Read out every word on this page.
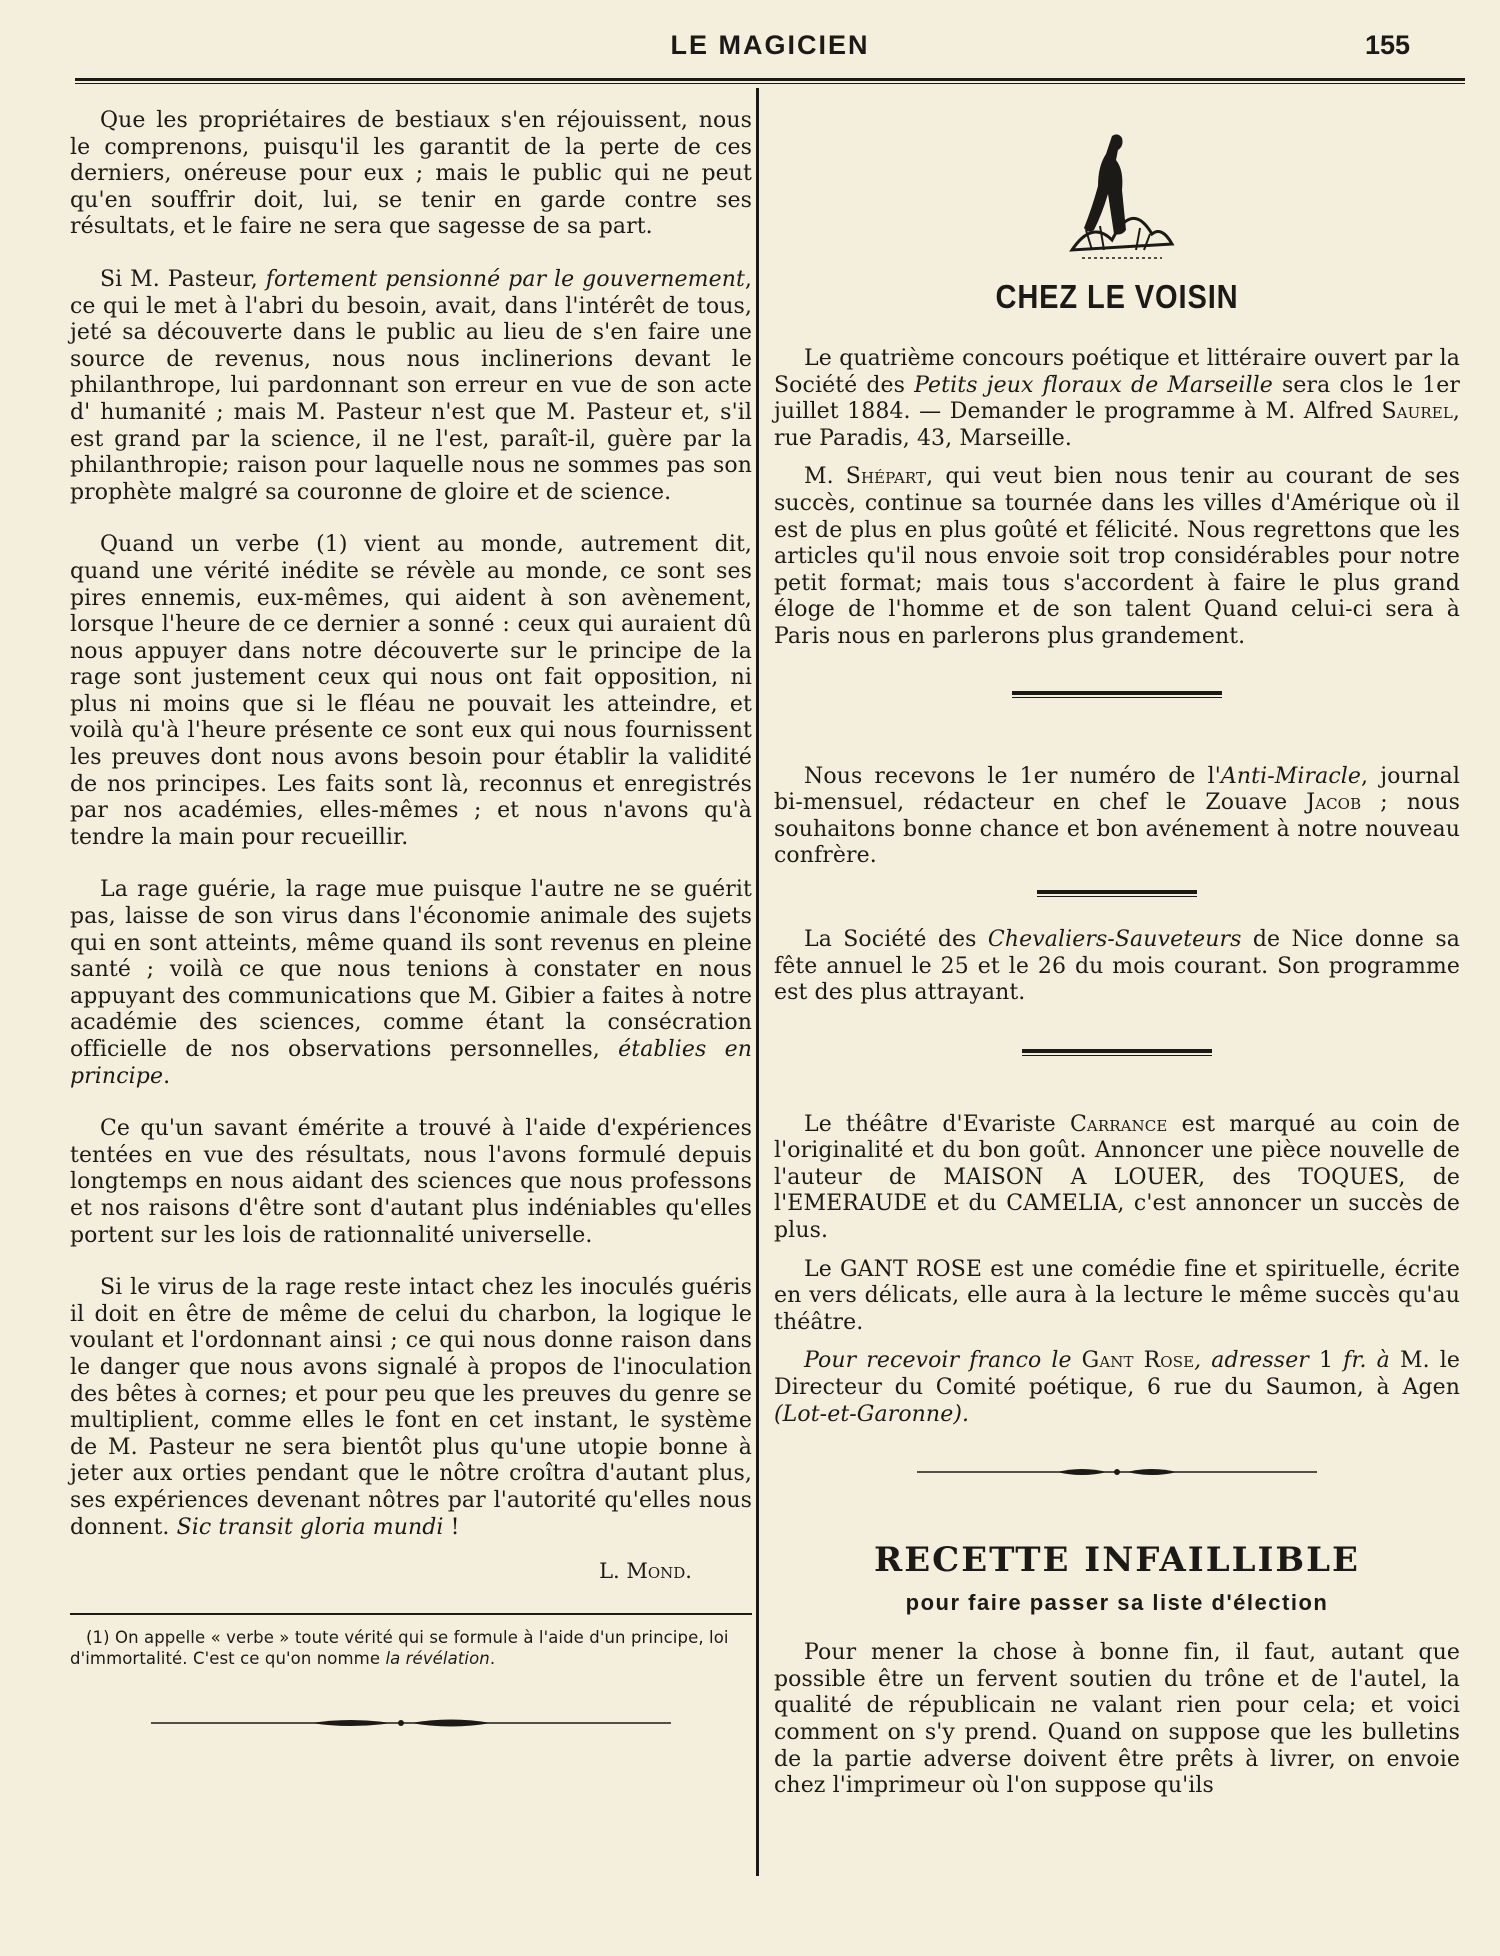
LE MAGICIEN	155

Que les propriétaires de bestiaux s'en réjouissent, nous le comprenons, puisqu'il les garantit de la perte de ces derniers, onéreuse pour eux ; mais le public qui ne peut qu'en souffrir doit, lui, se tenir en garde contre ses résultats, et le faire ne sera que sagesse de sa part.

Si M. Pasteur, fortement pensionné par le gouvernement, ce qui le met à l'abri du besoin, avait, dans l'intérêt de tous, jeté sa découverte dans le public au lieu de s'en faire une source de revenus, nous nous inclinerions devant le philanthrope, lui pardonnant son erreur en vue de son acte d' humanité ; mais M. Pasteur n'est que M. Pasteur et, s'il est grand par la science, il ne l'est, paraît-il, guère par la philanthropie; raison pour laquelle nous ne sommes pas son prophète malgré sa couronne de gloire et de science.

Quand un verbe (1) vient au monde, autrement dit, quand une vérité inédite se révèle au monde, ce sont ses pires ennemis, eux-mêmes, qui aident à son avènement, lorsque l'heure de ce dernier a sonné : ceux qui auraient dû nous appuyer dans notre découverte sur le principe de la rage sont justement ceux qui nous ont fait opposition, ni plus ni moins que si le fléau ne pouvait les atteindre, et voilà qu'à l'heure présente ce sont eux qui nous fournissent les preuves dont nous avons besoin pour établir la validité de nos principes. Les faits sont là, reconnus et enregistrés par nos académies, elles-mêmes ; et nous n'avons qu'à tendre la main pour recueillir.

La rage guérie, la rage mue puisque l'autre ne se guérit pas, laisse de son virus dans l'économie animale des sujets qui en sont atteints, même quand ils sont revenus en pleine santé ; voilà ce que nous tenions à constater en nous appuyant des communications que M. Gibier a faites à notre académie des sciences, comme étant la consécration officielle de nos observations personnelles, établies en principe.

Ce qu'un savant émérite a trouvé à l'aide d'expériences tentées en vue des résultats, nous l'avons formulé depuis longtemps en nous aidant des sciences que nous professons et nos raisons d'être sont d'autant plus indéniables qu'elles portent sur les lois de rationnalité universelle.

Si le virus de la rage reste intact chez les inoculés guéris il doit en être de même de celui du charbon, la logique le voulant et l'ordonnant ainsi ; ce qui nous donne raison dans le danger que nous avons signalé à propos de l'inoculation des bêtes à cornes; et pour peu que les preuves du genre se multiplient, comme elles le font en cet instant, le système de M. Pasteur ne sera bientôt plus qu'une utopie bonne à jeter aux orties pendant que le nôtre croîtra d'autant plus, ses expériences devenant nôtres par l'autorité qu'elles nous donnent. Sic transit gloria mundi !

L. Mond.

(1) On appelle « verbe » toute vérité qui se formule à l'aide d'un principe, loi d'immortalité. C'est ce qu'on nomme la révélation.

CHEZ LE VOISIN

Le quatrième concours poétique et littéraire ouvert par la Société des Petits jeux floraux de Marseille sera clos le 1er juillet 1884. — Demander le programme à M. Alfred Saurel, rue Paradis, 43, Marseille.

M. Shépart, qui veut bien nous tenir au courant de ses succès, continue sa tournée dans les villes d'Amérique où il est de plus en plus goûté et félicité. Nous regrettons que les articles qu'il nous envoie soit trop considérables pour notre petit format; mais tous s'accordent à faire le plus grand éloge de l'homme et de son talent Quand celui-ci sera à Paris nous en parlerons plus grandement.

Nous recevons le 1er numéro de l'Anti-Miracle, journal bi-mensuel, rédacteur en chef le Zouave Jacob ; nous souhaitons bonne chance et bon avénement à notre nouveau confrère.

La Société des Chevaliers-Sauveteurs de Nice donne sa fête annuel le 25 et le 26 du mois courant. Son programme est des plus attrayant.

Le théâtre d'Evariste Carrance est marqué au coin de l'originalité et du bon goût. Annoncer une pièce nouvelle de l'auteur de MAISON A LOUER, des TOQUES, de l'EMERAUDE et du CAMELIA, c'est annoncer un succès de plus.

Le GANT ROSE est une comédie fine et spirituelle, écrite en vers délicats, elle aura à la lecture le même succès qu'au théâtre.

Pour recevoir franco le Gant Rose, adresser 1 fr. à M. le Directeur du Comité poétique, 6 rue du Saumon, à Agen (Lot-et-Garonne).

RECETTE INFAILLIBLE
pour faire passer sa liste d'élection

Pour mener la chose à bonne fin, il faut, autant que possible être un fervent soutien du trône et de l'autel, la qualité de républicain ne valant rien pour cela; et voici comment on s'y prend. Quand on suppose que les bulletins de la partie adverse doivent être prêts à livrer, on envoie chez l'imprimeur où l'on suppose qu'ils
